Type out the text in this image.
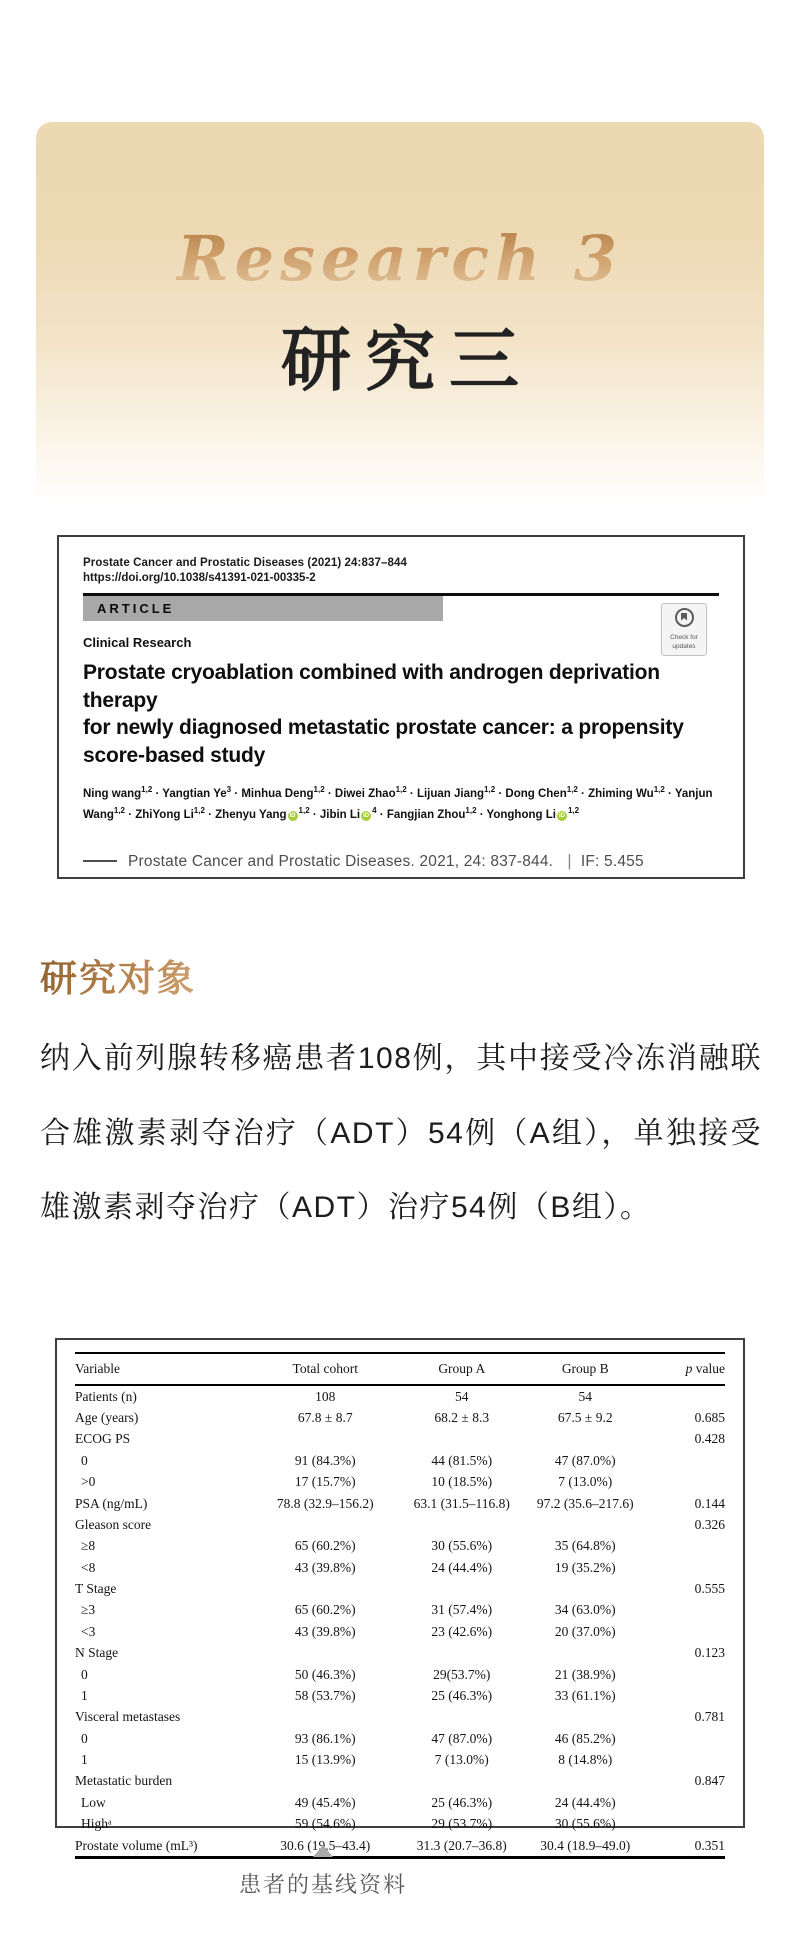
Research 3
研究三
Prostate Cancer and Prostatic Diseases (2021) 24:837–844
https://doi.org/10.1038/s41391-021-00335-2
ARTICLE
Check for updates
Clinical Research
Prostate cryoablation combined with androgen deprivation therapy
for newly diagnosed metastatic prostate cancer: a propensity
score-based study
Ning wang$^{1,2}$ · Yangtian $Ye^3$ · Minhua Deng$^{1,2}$ · Diwei Zhao$^{1,2}$ · Lijuan Jiang$^{1,2}$ · Dong Chen$^{1,2}$ · Zhiming Wu$^{1,2}$ · Yanjun Wang$^{1,2}$ · ZhiYong Li$^{1,2}$ · Zhenyu Yang iD$^{1,2}$ · Jibin Li $iD^4$ · Fangjian Zhou$^{1,2}$ · Yonghong Li iD$^{1,2}$
Prostate Cancer and Prostatic Diseases. 2021, 24: 837-844. | IF: 5.455
研究对象
纳入前列腺转移癌患者108例，其中接受冷冻消融联合雄激素剥夺治疗（ADT）54例（A组），单独接受雄激素剥夺治疗（ADT）治疗54例（B组）。
Variable	Total cohort	Group A	Group B	p value
Patients (n)	108	54	54	
Age (years)	67.8 ± 8.7	68.2 ± 8.3	67.5 ± 9.2	0.685
ECOG PS				0.428
0	91 (84.3%)	44 (81.5%)	47 (87.0%)	
>0	17 (15.7%)	10 (18.5%)	7 (13.0%)	
PSA (ng/mL)	78.8 (32.9–156.2)	63.1 (31.5–116.8)	97.2 (35.6–217.6)	0.144
Gleason score				0.326
≥8	65 (60.2%)	30 (55.6%)	35 (64.8%)	
<8	43 (39.8%)	24 (44.4%)	19 (35.2%)	
T Stage				0.555
≥3	65 (60.2%)	31 (57.4%)	34 (63.0%)	
<3	43 (39.8%)	23 (42.6%)	20 (37.0%)	
N Stage				0.123
0	50 (46.3%)	29(53.7%)	21 (38.9%)	
1	58 (53.7%)	25 (46.3%)	33 (61.1%)	
Visceral metastases				0.781
0	93 (86.1%)	47 (87.0%)	46 (85.2%)	
1	15 (13.9%)	7 (13.0%)	8 (14.8%)	
Metastatic burden				0.847
Low	49 (45.4%)	25 (46.3%)	24 (44.4%)	
Highᵃ	59 (54.6%)	29 (53.7%)	30 (55.6%)	
Prostate volume (mL³)	30.6 (19.5–43.4)	31.3 (20.7–36.8)	30.4 (18.9–49.0)	0.351
患者的基线资料
